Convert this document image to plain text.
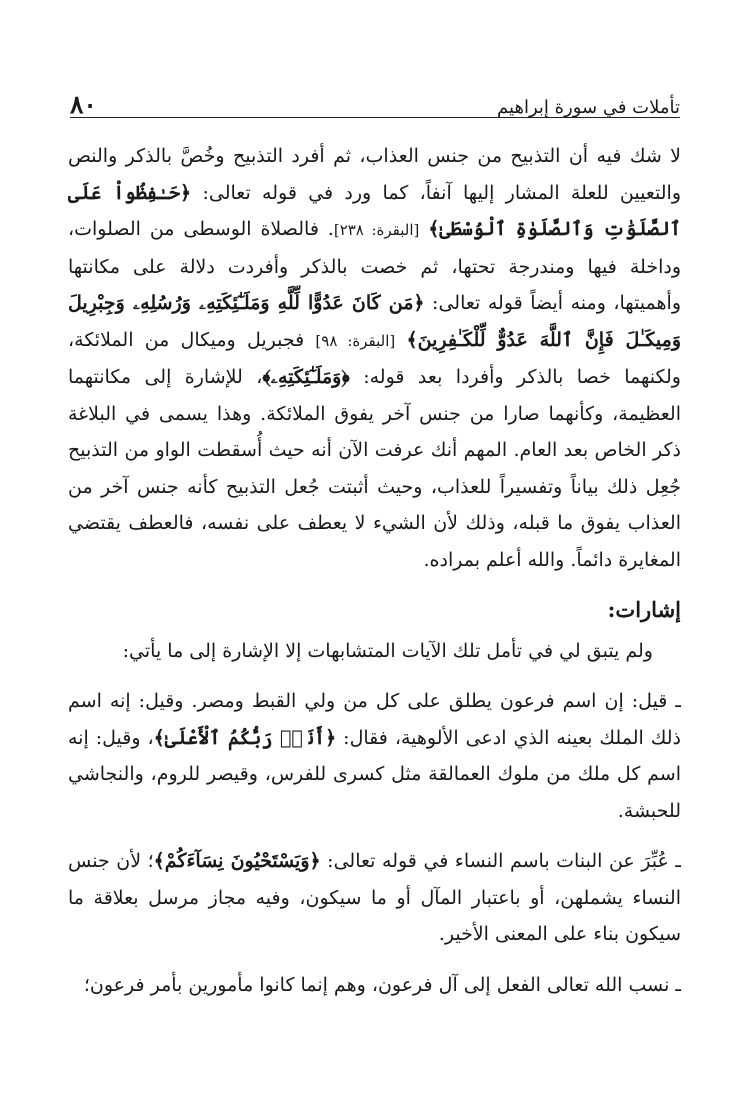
٨٠	تأملات في سورة إبراهيم

لا شك فيه أن التذبيح من جنس العذاب، ثم أفرد التذبيح وخُصَّ بالذكر والنص والتعيين للعلة المشار إليها آنفاً، كما ورد في قوله تعالى: ﴿حَـٰفِظُواْ عَلَى ٱلصَّلَوَٰتِ وَٱلصَّلَوٰةِ ٱلْوُسْطَىٰ﴾ [البقرة: ٢٣٨]. فالصلاة الوسطى من الصلوات، وداخلة فيها ومندرجة تحتها، ثم خصت بالذكر وأفردت دلالة على مكانتها وأهميتها، ومنه أيضاً قوله تعالى: ﴿مَن كَانَ عَدُوًّا لِّلَّهِ وَمَلَـٰٓئِكَتِهِۦ وَرُسُلِهِۦ وَجِبْرِيلَ وَمِيكَـٰلَ فَإِنَّ ٱللَّهَ عَدُوٌّ لِّلْكَـٰفِرِينَ﴾ [البقرة: ٩٨] فجبريل وميكال من الملائكة، ولكنهما خصا بالذكر وأفردا بعد قوله: ﴿وَمَلَـٰٓئِكَتِهِۦ﴾، للإشارة إلى مكانتهما العظيمة، وكأنهما صارا من جنس آخر يفوق الملائكة. وهذا يسمى في البلاغة ذكر الخاص بعد العام. المهم أنك عرفت الآن أنه حيث أُسقطت الواو من التذبيح جُعِل ذلك بياناً وتفسيراً للعذاب، وحيث أثبتت جُعل التذبيح كأنه جنس آخر من العذاب يفوق ما قبله، وذلك لأن الشيء لا يعطف على نفسه، فالعطف يقتضي المغايرة دائماً. والله أعلم بمراده.

إشارات:

ولم يتبق لي في تأمل تلك الآيات المتشابهات إلا الإشارة إلى ما يأتي:

ـ قيل: إن اسم فرعون يطلق على كل من ولي القبط ومصر. وقيل: إنه اسم ذلك الملك بعينه الذي ادعى الألوهية، فقال: ﴿أَنَا۠ رَبُّكُمُ ٱلْأَعْلَىٰ﴾، وقيل: إنه اسم كل ملك من ملوك العمالقة مثل كسرى للفرس، وقيصر للروم، والنجاشي للحبشة.

ـ عُبِّرَ عن البنات باسم النساء في قوله تعالى: ﴿وَيَسْتَحْيُونَ نِسَآءَكُمْ﴾؛ لأن جنس النساء يشملهن، أو باعتبار المآل أو ما سيكون، وفيه مجاز مرسل بعلاقة ما سيكون بناء على المعنى الأخير.

ـ نسب الله تعالى الفعل إلى آل فرعون، وهم إنما كانوا مأمورين بأمر فرعون؛
